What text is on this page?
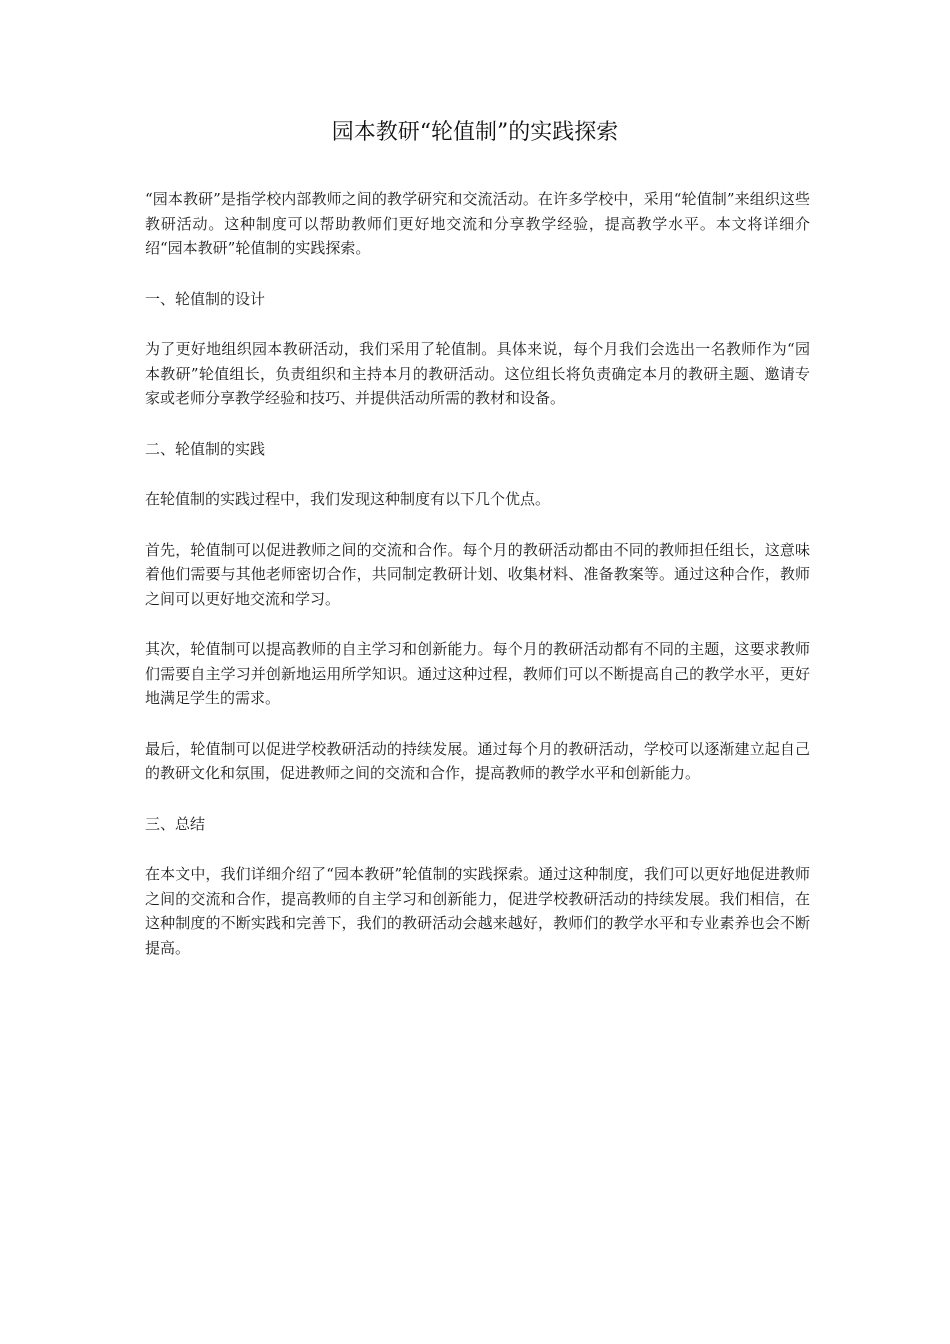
园本教研“轮值制”的实践探索

“园本教研”是指学校内部教师之间的教学研究和交流活动。在许多学校中，采用“轮值制”来组织这些教研活动。这种制度可以帮助教师们更好地交流和分享教学经验，提高教学水平。本文将详细介绍“园本教研”轮值制的实践探索。

一、轮值制的设计

为了更好地组织园本教研活动，我们采用了轮值制。具体来说，每个月我们会选出一名教师作为“园本教研”轮值组长，负责组织和主持本月的教研活动。这位组长将负责确定本月的教研主题、邀请专家或老师分享教学经验和技巧、并提供活动所需的教材和设备。

二、轮值制的实践

在轮值制的实践过程中，我们发现这种制度有以下几个优点。

首先，轮值制可以促进教师之间的交流和合作。每个月的教研活动都由不同的教师担任组长，这意味着他们需要与其他老师密切合作，共同制定教研计划、收集材料、准备教案等。通过这种合作，教师之间可以更好地交流和学习。

其次，轮值制可以提高教师的自主学习和创新能力。每个月的教研活动都有不同的主题，这要求教师们需要自主学习并创新地运用所学知识。通过这种过程，教师们可以不断提高自己的教学水平，更好地满足学生的需求。

最后，轮值制可以促进学校教研活动的持续发展。通过每个月的教研活动，学校可以逐渐建立起自己的教研文化和氛围，促进教师之间的交流和合作，提高教师的教学水平和创新能力。

三、总结

在本文中，我们详细介绍了“园本教研”轮值制的实践探索。通过这种制度，我们可以更好地促进教师之间的交流和合作，提高教师的自主学习和创新能力，促进学校教研活动的持续发展。我们相信，在这种制度的不断实践和完善下，我们的教研活动会越来越好，教师们的教学水平和专业素养也会不断提高。
